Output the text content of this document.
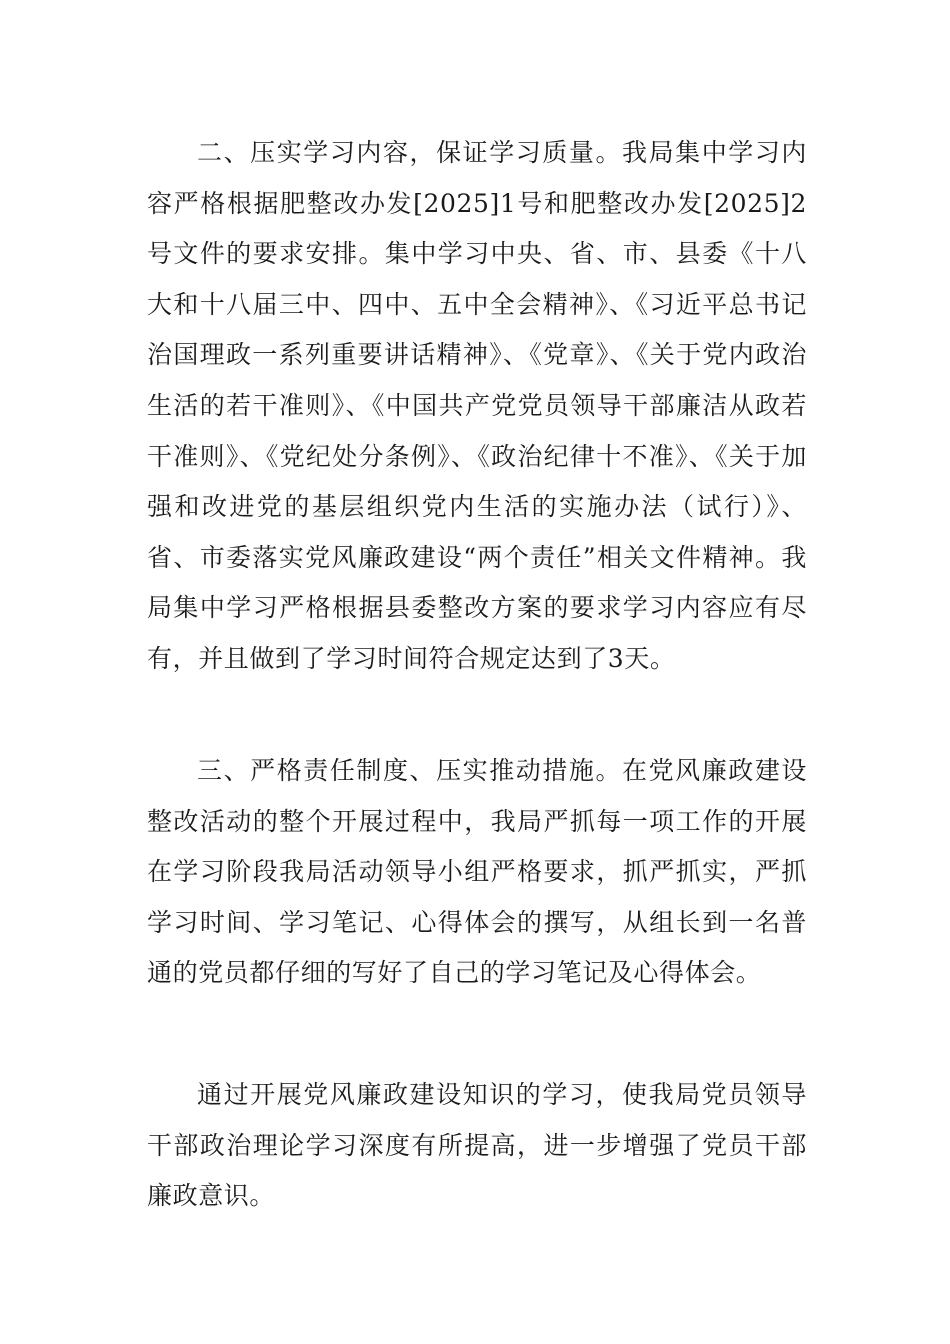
二、压实学习内容，保证学习质量。我局集中学习内容严格根据肥整改办发[2025]1号和肥整改办发[2025]2号文件的要求安排。集中学习中央、省、市、县委《十八大和十八届三中、四中、五中全会精神》、《习近平总书记治国理政一系列重要讲话精神》、《党章》、《关于党内政治生活的若干准则》、《中国共产党党员领导干部廉洁从政若干准则》、《党纪处分条例》、《政治纪律十不准》、《关于加强和改进党的基层组织党内生活的实施办法（试行）》、省、市委落实党风廉政建设“两个责任”相关文件精神。我局集中学习严格根据县委整改方案的要求学习内容应有尽有，并且做到了学习时间符合规定达到了3天。

三、严格责任制度、压实推动措施。在党风廉政建设整改活动的整个开展过程中，我局严抓每一项工作的开展在学习阶段我局活动领导小组严格要求，抓严抓实，严抓学习时间、学习笔记、心得体会的撰写，从组长到一名普通的党员都仔细的写好了自己的学习笔记及心得体会。

通过开展党风廉政建设知识的学习，使我局党员领导干部政治理论学习深度有所提高，进一步增强了党员干部廉政意识。
